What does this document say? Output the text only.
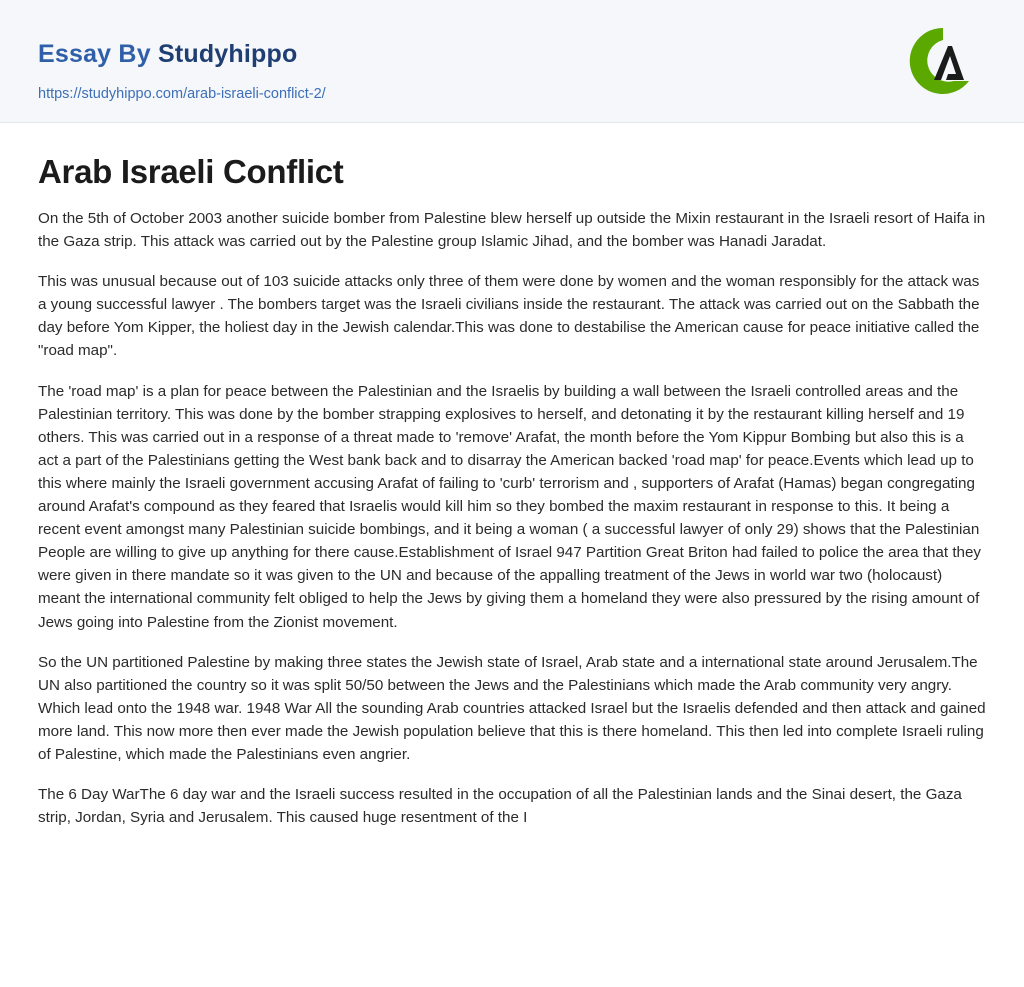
Essay By Studyhippo
https://studyhippo.com/arab-israeli-conflict-2/
Arab Israeli Conflict

On the 5th of October 2003 another suicide bomber from Palestine blew herself up outside the Mixin restaurant in the Israeli resort of Haifa in the Gaza strip. This attack was carried out by the Palestine group Islamic Jihad, and the bomber was Hanadi Jaradat.

This was unusual because out of 103 suicide attacks only three of them were done by women and the woman responsibly for the attack was a young successful lawyer . The bombers target was the Israeli civilians inside the restaurant. The attack was carried out on the Sabbath the day before Yom Kipper, the holiest day in the Jewish calendar.This was done to destabilise the American cause for peace initiative called the "road map".

The 'road map' is a plan for peace between the Palestinian and the Israelis by building a wall between the Israeli controlled areas and the Palestinian territory. This was done by the bomber strapping explosives to herself, and detonating it by the restaurant killing herself and 19 others. This was carried out in a response of a threat made to 'remove' Arafat, the month before the Yom Kippur Bombing but also this is a act a part of the Palestinians getting the West bank back and to disarray the American backed 'road map' for peace.Events which lead up to this where mainly the Israeli government accusing Arafat of failing to 'curb' terrorism and , supporters of Arafat (Hamas) began congregating around Arafat's compound as they feared that Israelis would kill him so they bombed the maxim restaurant in response to this. It being a recent event amongst many Palestinian suicide bombings, and it being a woman ( a successful lawyer of only 29) shows that the Palestinian People are willing to give up anything for there cause.Establishment of Israel 947 Partition Great Briton had failed to police the area that they were given in there mandate so it was given to the UN and because of the appalling treatment of the Jews in world war two (holocaust) meant the international community felt obliged to help the Jews by giving them a homeland they were also pressured by the rising amount of Jews going into Palestine from the Zionist movement.

So the UN partitioned Palestine by making three states the Jewish state of Israel, Arab state and a international state around Jerusalem.The UN also partitioned the country so it was split 50/50 between the Jews and the Palestinians which made the Arab community very angry. Which lead onto the 1948 war. 1948 War All the sounding Arab countries attacked Israel but the Israelis defended and then attack and gained more land. This now more then ever made the Jewish population believe that this is there homeland. This then led into complete Israeli ruling of Palestine, which made the Palestinians even angrier.

The 6 Day WarThe 6 day war and the Israeli success resulted in the occupation of all the Palestinian lands and the Sinai desert, the Gaza strip, Jordan, Syria and Jerusalem. This caused huge resentment of the I
